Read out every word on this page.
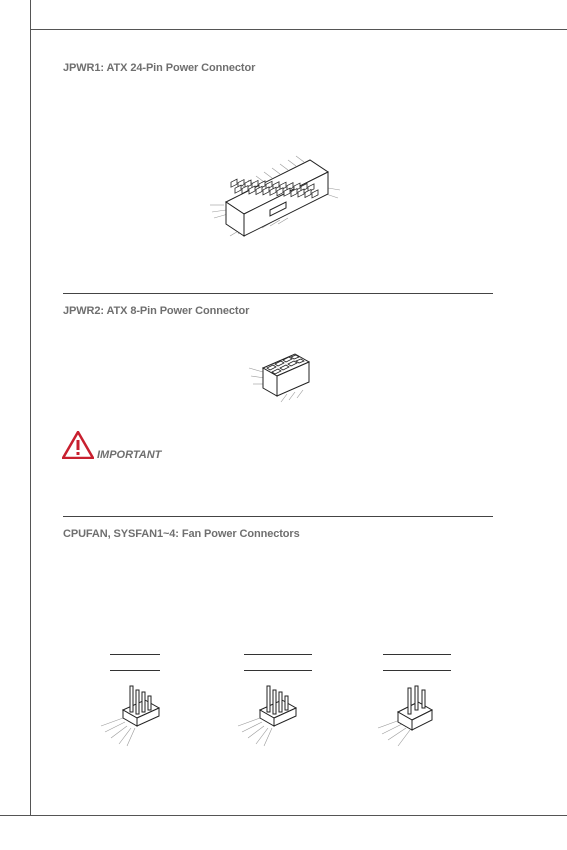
JPWR1: ATX 24-Pin Power Connector
JPWR2: ATX 8-Pin Power Connector
IMPORTANT
CPUFAN, SYSFAN1~4: Fan Power Connectors
